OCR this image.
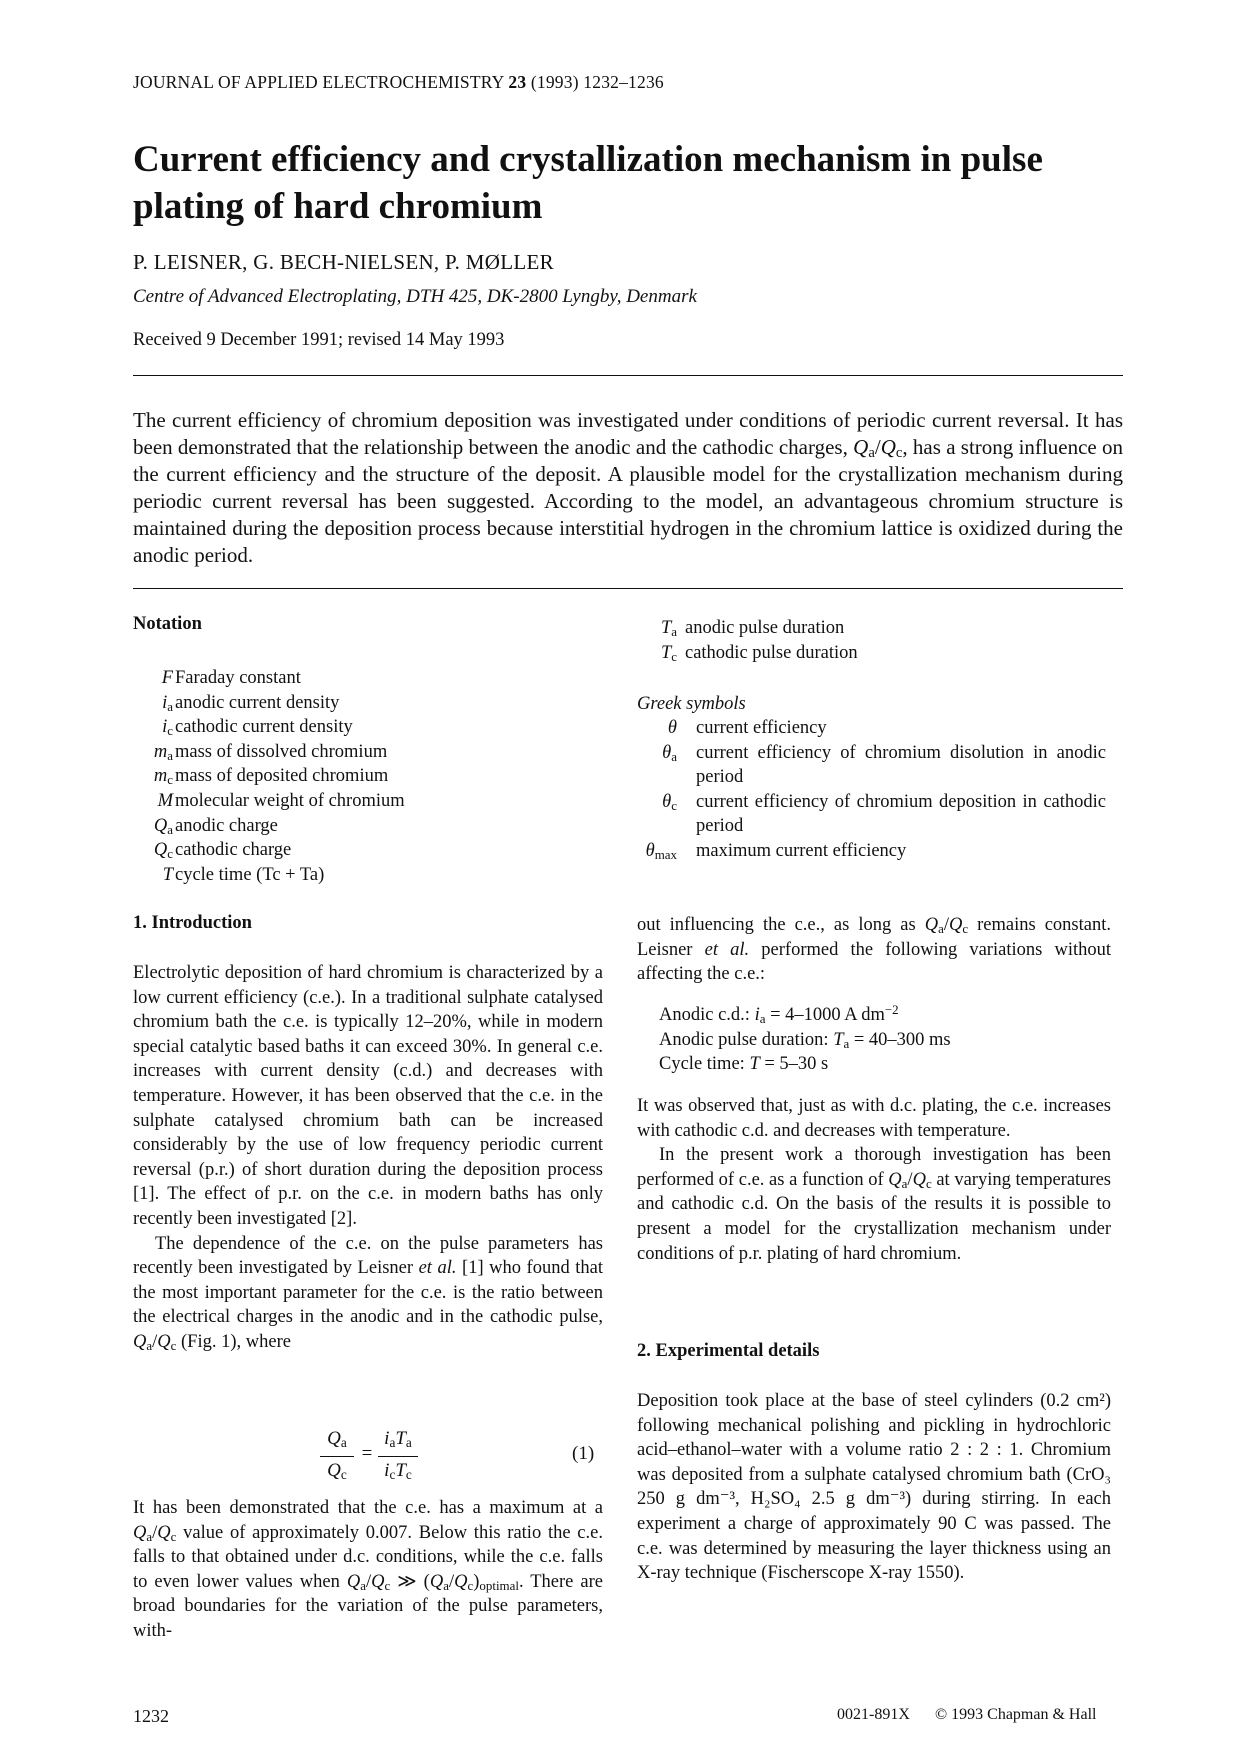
JOURNAL OF APPLIED ELECTROCHEMISTRY 23 (1993) 1232–1236
Current efficiency and crystallization mechanism in pulse plating of hard chromium
P. LEISNER, G. BECH-NIELSEN, P. MØLLER
Centre of Advanced Electroplating, DTH 425, DK-2800 Lyngby, Denmark
Received 9 December 1991; revised 14 May 1993
The current efficiency of chromium deposition was investigated under conditions of periodic current reversal. It has been demonstrated that the relationship between the anodic and the cathodic charges, $Q_a/Q_c$, has a strong influence on the current efficiency and the structure of the deposit. A plausible model for the crystallization mechanism during periodic current reversal has been suggested. According to the model, an advantageous chromium structure is maintained during the deposition process because interstitial hydrogen in the chromium lattice is oxidized during the anodic period.
Notation
F Faraday constant
$i_a$ anodic current density
$i_c$ cathodic current density
$m_a$ mass of dissolved chromium
$m_c$ mass of deposited chromium
M molecular weight of chromium
$Q_a$ anodic charge
$Q_c$ cathodic charge
T cycle time (Tc + Ta)
$T_a$ anodic pulse duration
$T_c$ cathodic pulse duration
Greek symbols
θ current efficiency
$\theta_a$ current efficiency of chromium disolution in anodic period
$\theta_c$ current efficiency of chromium deposition in cathodic period
$\theta_{max}$ maximum current efficiency
1. Introduction

Electrolytic deposition of hard chromium is characterized by a low current efficiency (c.e.). In a traditional sulphate catalysed chromium bath the c.e. is typically 12–20%, while in modern special catalytic based baths it can exceed 30%. In general c.e. increases with current density (c.d.) and decreases with temperature. However, it has been observed that the c.e. in the sulphate catalysed chromium bath can be increased considerably by the use of low frequency periodic current reversal (p.r.) of short duration during the deposition process [1]. The effect of p.r. on the c.e. in modern baths has only recently been investigated [2].

The dependence of the c.e. on the pulse parameters has recently been investigated by Leisner et al. [1] who found that the most important parameter for the c.e. is the ratio between the electrical charges in the anodic and in the cathodic pulse, $Q_a/Q_c$ (Fig. 1), where

$Q_a$
$Q_c$
=
$i_aT_a$
$i_cT_c$
(1)

It has been demonstrated that the c.e. has a maximum at a $Q_a/Q_c$ value of approximately 0.007. Below this ratio the c.e. falls to that obtained under d.c. conditions, while the c.e. falls to even lower values when $Q_a/Q_c$ ≫ $(Q_a/Q_c)_{optimal}$. There are broad boundaries for the variation of the pulse parameters, with-

out influencing the c.e., as long as $Q_a/Q_c$ remains constant. Leisner et al. performed the following variations without affecting the c.e.:

Anodic c.d.: $i_a = 4-1000$ A $dm^{-2}$
Anodic pulse duration: $T_a = 40-300$ ms
Cycle time: T = 5–30 s

It was observed that, just as with d.c. plating, the c.e. increases with cathodic c.d. and decreases with temperature.

In the present work a thorough investigation has been performed of c.e. as a function of $Q_a/Q_c$ at varying temperatures and cathodic c.d. On the basis of the results it is possible to present a model for the crystallization mechanism under conditions of p.r. plating of hard chromium.

2. Experimental details

Deposition took place at the base of steel cylinders (0.2 cm²) following mechanical polishing and pickling in hydrochloric acid–ethanol–water with a volume ratio 2 : 2 : 1. Chromium was deposited from a sulphate catalysed chromium bath (CrO₃ 250 g dm⁻³, H₂SO₄ 2.5 g dm⁻³) during stirring. In each experiment a charge of approximately 90 C was passed. The c.e. was determined by measuring the layer thickness using an X-ray technique (Fischerscope X-ray 1550).

1232	0021-891X © 1993 Chapman & Hall
